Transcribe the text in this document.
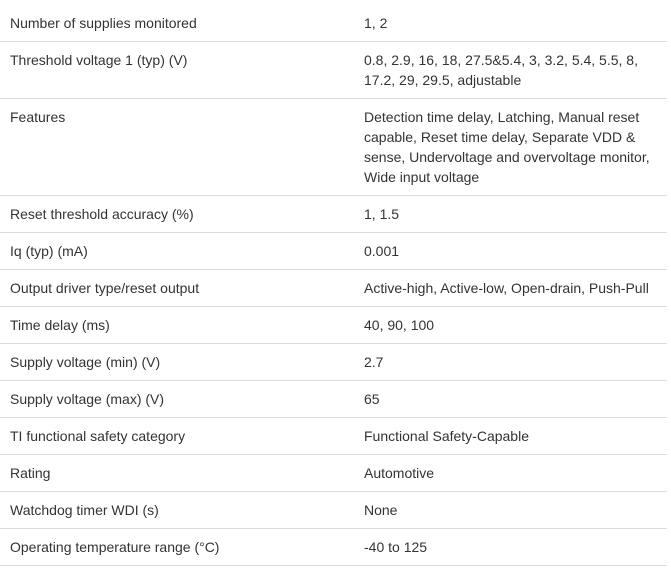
Number of supplies monitored	1, 2
Threshold voltage 1 (typ) (V)	0.8, 2.9, 16, 18, 27.5&5.4, 3, 3.2, 5.4, 5.5, 8, 17.2, 29, 29.5, adjustable
Features	Detection time delay, Latching, Manual reset capable, Reset time delay, Separate VDD & sense, Undervoltage and overvoltage monitor, Wide input voltage
Reset threshold accuracy (%)	1, 1.5
Iq (typ) (mA)	0.001
Output driver type/reset output	Active-high, Active-low, Open-drain, Push-Pull
Time delay (ms)	40, 90, 100
Supply voltage (min) (V)	2.7
Supply voltage (max) (V)	65
TI functional safety category	Functional Safety-Capable
Rating	Automotive
Watchdog timer WDI (s)	None
Operating temperature range (°C)	-40 to 125
